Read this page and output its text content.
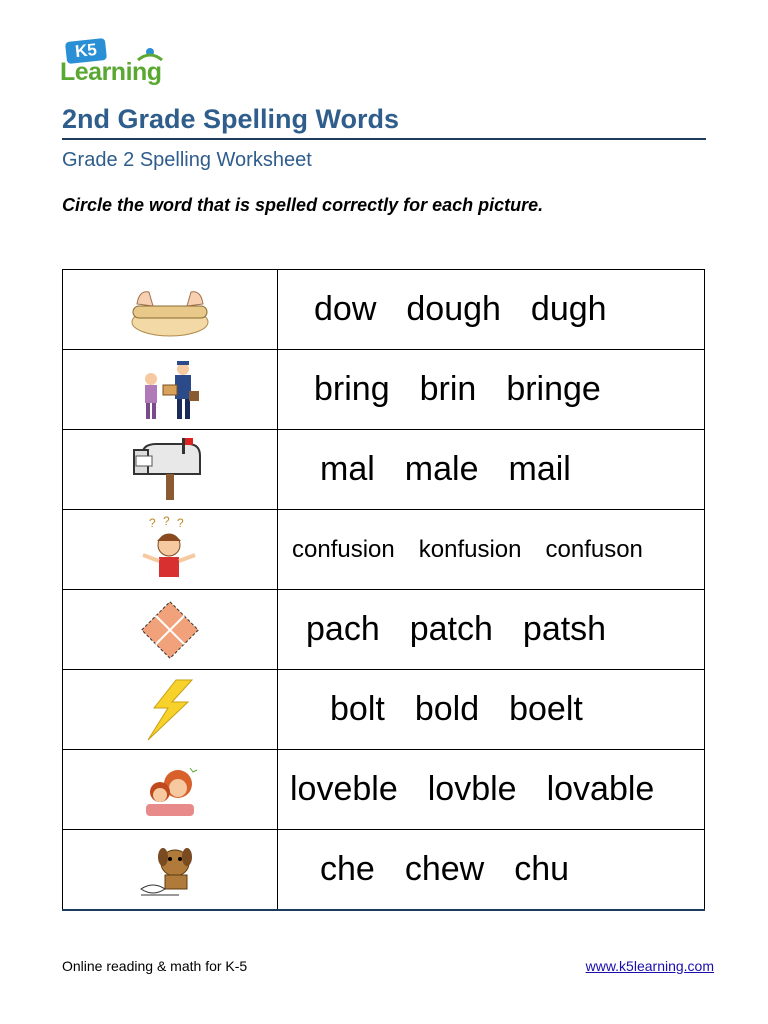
K5
Learning
2nd Grade Spelling Words
Grade 2 Spelling Worksheet
Circle the word that is spelled correctly for each picture.
	dow dough dugh

	bring brin bringe

	mal male mail

? ? ?	confusion konfusion confuson

	pach patch patsh

	bolt bold boelt

	loveble lovble lovable

	che chew chu
Online reading & math for K-5	www.k5learning.com
